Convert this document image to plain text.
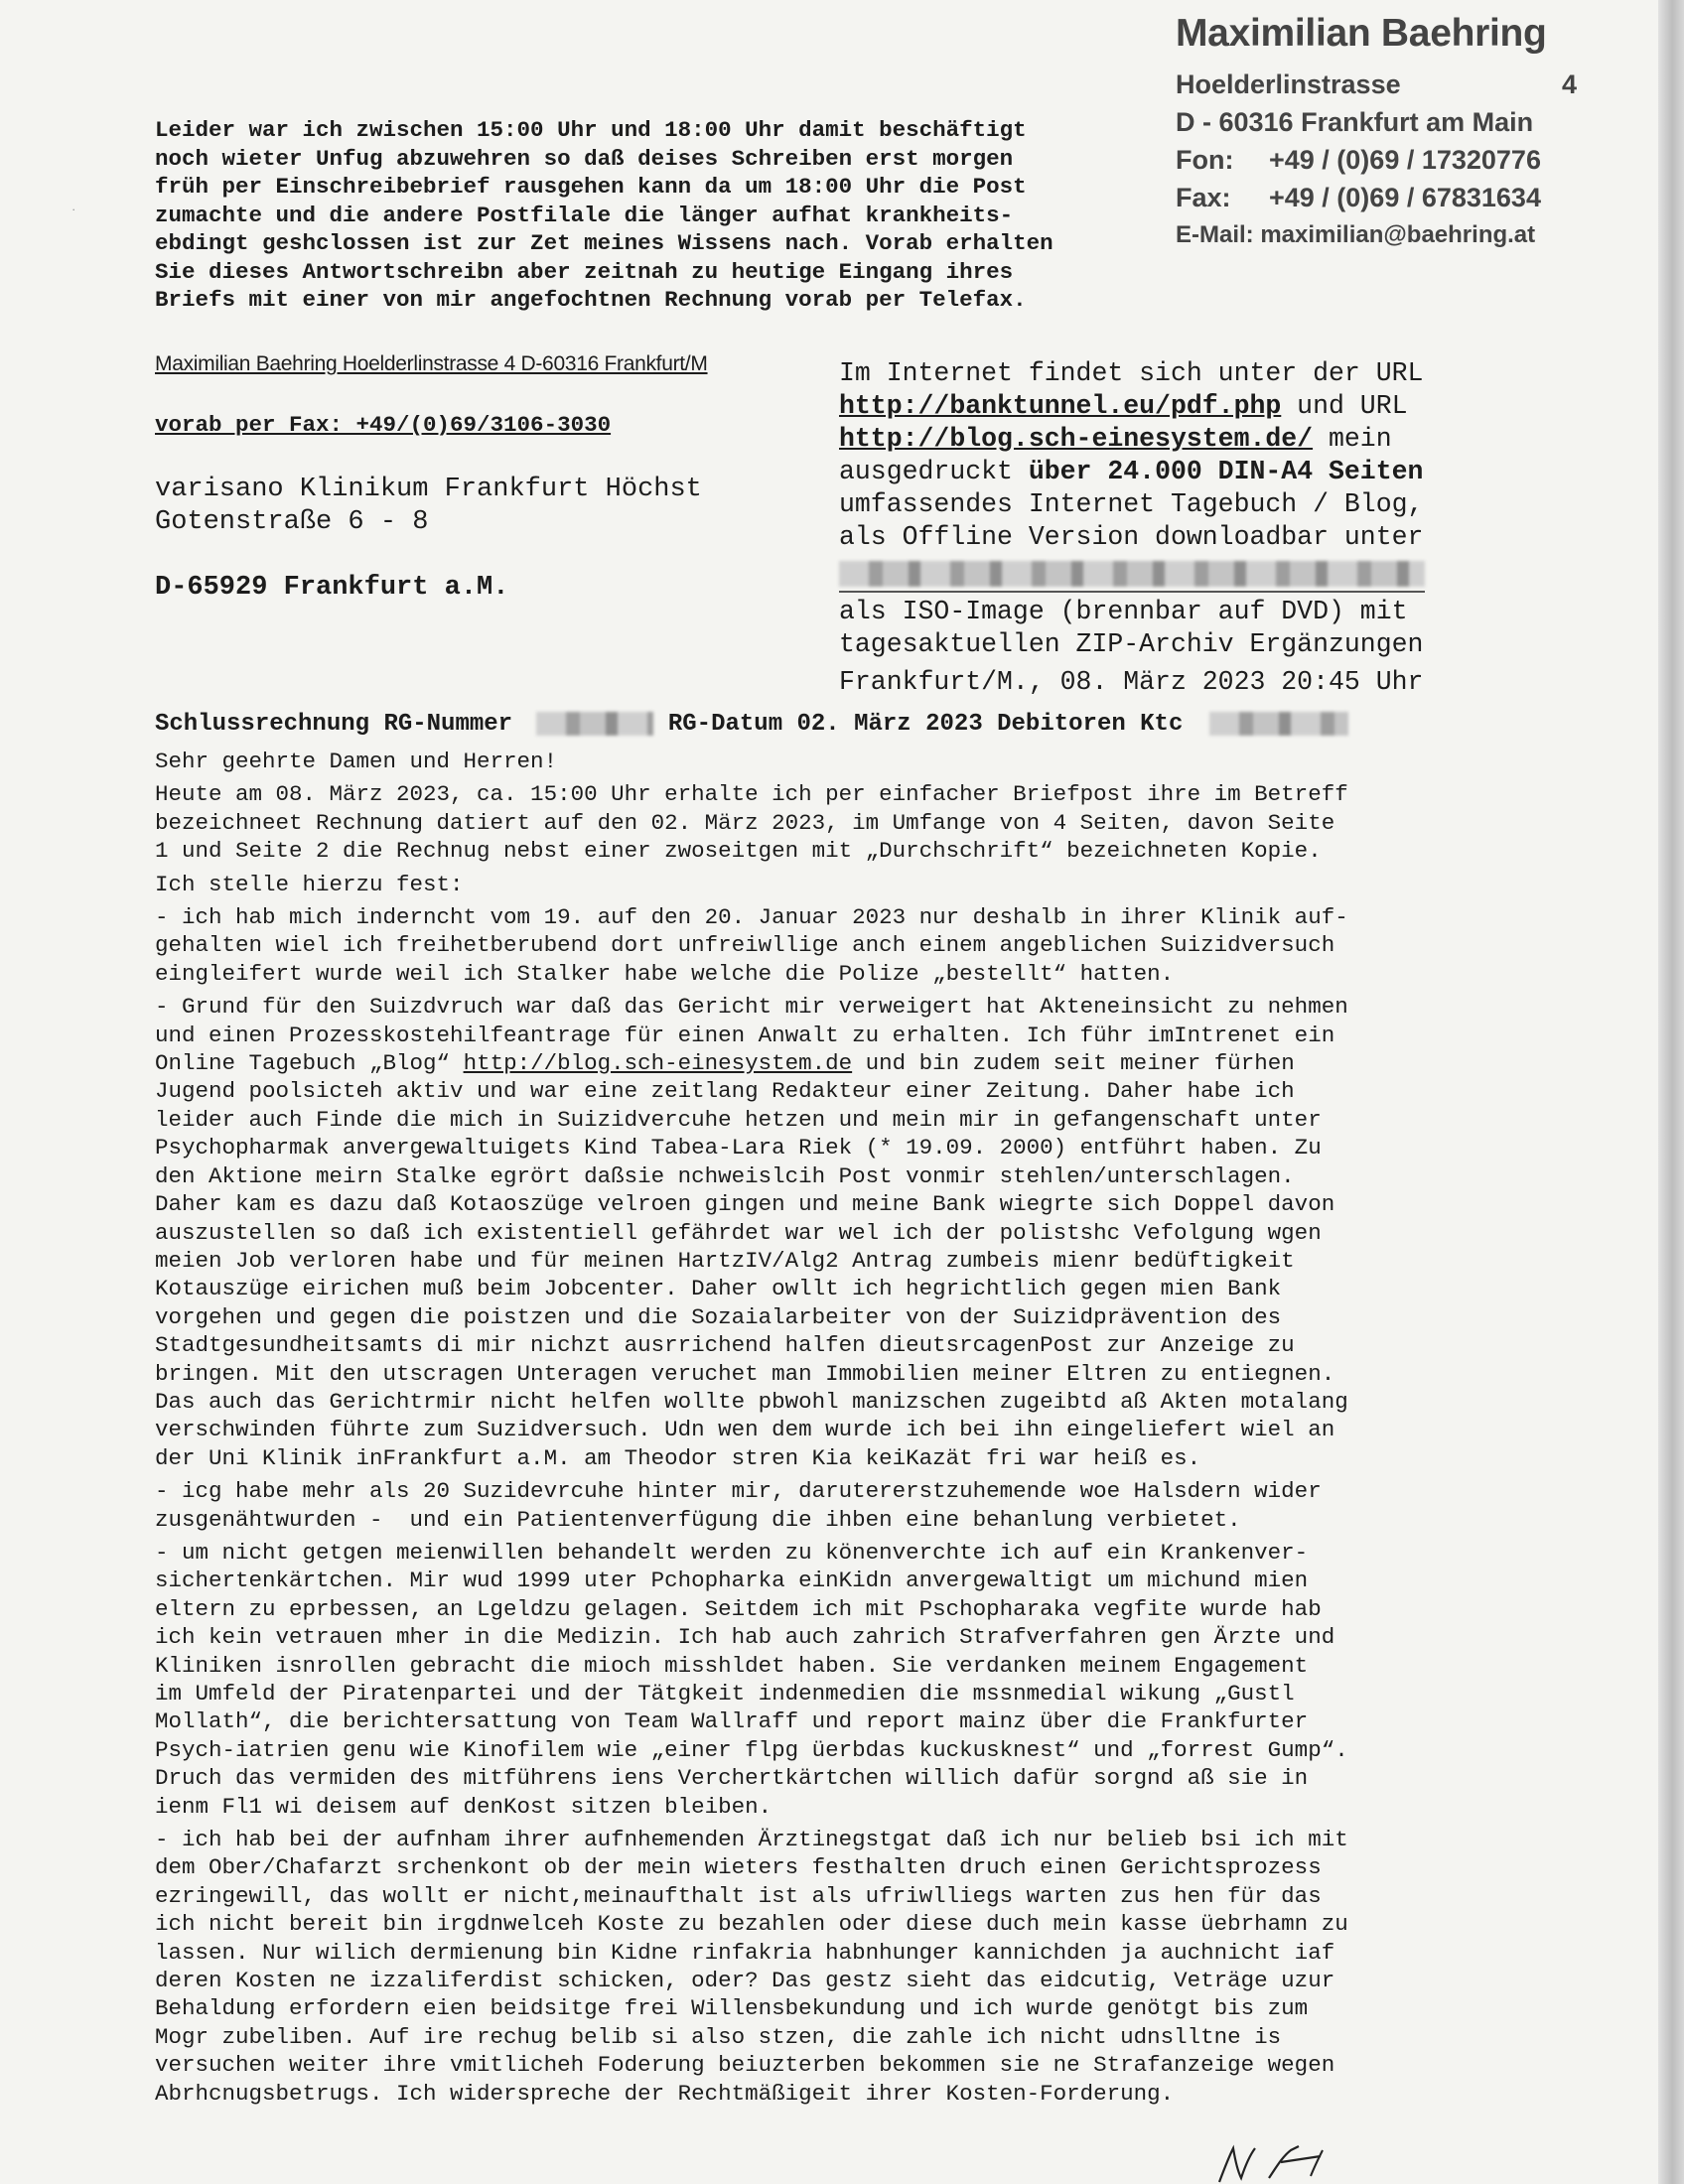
˙
Maximilian Baehring
Hoelderlinstrasse	4
D - 60316 Frankfurt am Main
Fon:	+49 / (0)69 / 17320776
Fax:	+49 / (0)69 / 67831634
E-Mail: maximilian@baehring.at
Leider war ich zwischen 15:00 Uhr und 18:00 Uhr damit beschäftigt
noch wieter Unfug abzuwehren so daß deises Schreiben erst morgen
früh per Einschreibebrief rausgehen kann da um 18:00 Uhr die Post
zumachte und die andere Postfilale die länger aufhat krankheits-
ebdingt geshclossen ist zur Zet meines Wissens nach. Vorab erhalten
Sie dieses Antwortschreibn aber zeitnah zu heutige Eingang ihres
Briefs mit einer von mir angefochtnen Rechnung vorab per Telefax.
Maximilian Baehring Hoelderlinstrasse 4 D-60316 Frankfurt/M
vorab per Fax: +49/(0)69/3106-3030
varisano Klinikum Frankfurt Höchst
Gotenstraße 6 - 8
D-65929 Frankfurt a.M.
Im Internet findet sich unter der URL
http://banktunnel.eu/pdf.php und URL
http://blog.sch-einesystem.de/ mein
ausgedruckt über 24.000 DIN-A4 Seiten
umfassendes Internet Tagebuch / Blog,
als Offline Version downloadbar unter
als ISO-Image (brennbar auf DVD) mit
tagesaktuellen ZIP-Archiv Ergänzungen
Frankfurt/M., 08. März 2023 20:45 Uhr
Schlussrechnung RG-Nummer	RG-Datum 02. März 2023 Debitoren Ktc

Sehr geehrte Damen und Herren!

Heute am 08. März 2023, ca. 15:00 Uhr erhalte ich per einfacher Briefpost ihre im Betreff
bezeichneet Rechnung datiert auf den 02. März 2023, im Umfange von 4 Seiten, davon Seite
1 und Seite 2 die Rechnug nebst einer zwoseitgen mit „Durchschrift“ bezeichneten Kopie.

Ich stelle hierzu fest:

- ich hab mich inderncht vom 19. auf den 20. Januar 2023 nur deshalb in ihrer Klinik auf-
gehalten wiel ich freihetberubend dort unfreiwllige anch einem angeblichen Suizidversuch
eingleifert wurde weil ich Stalker habe welche die Polize „bestellt“ hatten.

- Grund für den Suizdvruch war daß das Gericht mir verweigert hat Akteneinsicht zu nehmen
und einen Prozesskostehilfeantrage für einen Anwalt zu erhalten. Ich führ imIntrenet ein
Online Tagebuch „Blog“ http://blog.sch-einesystem.de und bin zudem seit meiner fürhen
Jugend poolsicteh aktiv und war eine zeitlang Redakteur einer Zeitung. Daher habe ich
leider auch Finde die mich in Suizidvercuhe hetzen und mein mir in gefangenschaft unter
Psychopharmak anvergewaltuigets Kind Tabea-Lara Riek (* 19.09. 2000) entführt haben. Zu
den Aktione meirn Stalke egrört daßsie nchweislcih Post vonmir stehlen/unterschlagen.
Daher kam es dazu daß Kotaoszüge velroen gingen und meine Bank wiegrte sich Doppel davon
auszustellen so daß ich existentiell gefährdet war wel ich der polistshc Vefolgung wgen
meien Job verloren habe und für meinen HartzIV/Alg2 Antrag zumbeis mienr bedüftigkeit
Kotauszüge eirichen muß beim Jobcenter. Daher owllt ich hegrichtlich gegen mien Bank
vorgehen und gegen die poistzen und die Sozaialarbeiter von der Suizidprävention des
Stadtgesundheitsamts di mir nichzt ausrrichend halfen dieutsrcagenPost zur Anzeige zu
bringen. Mit den utscragen Unteragen veruchet man Immobilien meiner Eltren zu entiegnen.
Das auch das Gerichtrmir nicht helfen wollte pbwohl manizschen zugeibtd aß Akten motalang
verschwinden führte zum Suzidversuch. Udn wen dem wurde ich bei ihn eingeliefert wiel an
der Uni Klinik inFrankfurt a.M. am Theodor stren Kia keiKazät fri war heiß es.

- icg habe mehr als 20 Suzidevrcuhe hinter mir, darutererstzuhemende woe Halsdern wider
zusgenähtwurden -  und ein Patientenverfügung die ihben eine behanlung verbietet.

- um nicht getgen meienwillen behandelt werden zu könenverchte ich auf ein Krankenver-
sichertenkärtchen. Mir wud 1999 uter Pchopharka einKidn anvergewaltigt um michund mien
eltern zu eprbessen, an Lgeldzu gelagen. Seitdem ich mit Pschopharaka vegfite wurde hab
ich kein vetrauen mher in die Medizin. Ich hab auch zahrich Strafverfahren gen Ärzte und
Kliniken isnrollen gebracht die mioch misshldet haben. Sie verdanken meinem Engagement
im Umfeld der Piratenpartei und der Tätgkeit indenmedien die mssnmedial wikung „Gustl
Mollath“, die berichtersattung von Team Wallraff und report mainz über die Frankfurter
Psych-iatrien genu wie Kinofilem wie „einer flpg üerbdas kuckusknest“ und „forrest Gump“.
Druch das vermiden des mitführens iens Verchertkärtchen willich dafür sorgnd aß sie in
ienm Fl1 wi deisem auf denKost sitzen bleiben.

- ich hab bei der aufnham ihrer aufnhemenden Ärztinegstgat daß ich nur belieb bsi ich mit
dem Ober/Chafarzt srchenkont ob der mein wieters festhalten druch einen Gerichtsprozess
ezringewill, das wollt er nicht,meinaufthalt ist als ufriwlliegs warten zus hen für das
ich nicht bereit bin irgdnwelceh Koste zu bezahlen oder diese duch mein kasse üebrhamn zu
lassen. Nur wilich dermienung bin Kidne rinfakria habnhunger kannichden ja auchnicht iaf
deren Kosten ne izzaliferdist schicken, oder? Das gestz sieht das eidcutig, Veträge uzur
Behaldung erfordern eien beidsitge frei Willensbekundung und ich wurde genötgt bis zum
Mogr zubeliben. Auf ire rechug belib si also stzen, die zahle ich nicht udnslltne is
versuchen weiter ihre vmitlicheh Foderung beiuzterben bekommen sie ne Strafanzeige wegen
Abrhcnugsbetrugs. Ich widerspreche der Rechtmäßigeit ihrer Kosten-Forderung.
